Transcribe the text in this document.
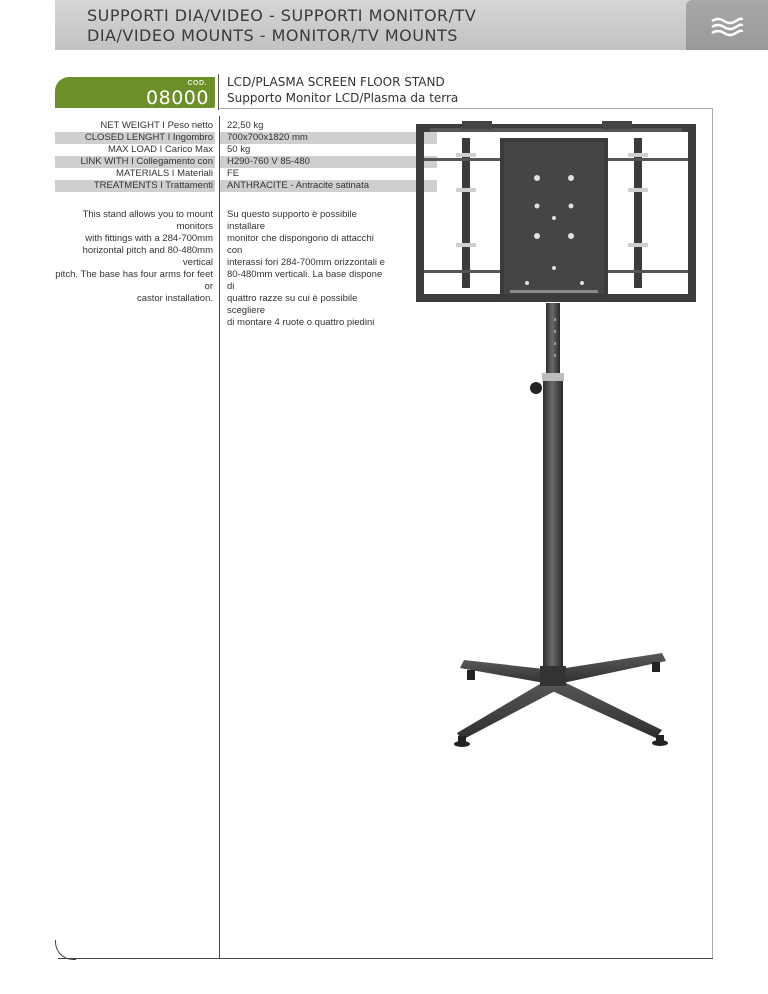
SUPPORTI DIA/VIDEO - SUPPORTI MONITOR/TV
DIA/VIDEO MOUNTS - MONITOR/TV MOUNTS
COD.
08000
LCD/PLASMA SCREEN FLOOR STAND
Supporto Monitor LCD/Plasma da terra
NET WEIGHT I Peso netto 22,50 kg
CLOSED LENGHT I Ingombro 700x700x1820 mm
MAX LOAD I Carico Max 50 kg
LINK WITH I Collegamento con H290-760 V 85-480
MATERIALS I Materiali FE
TREATMENTS I Trattamenti ANTHRACITE - Antracite satinata
This stand allows you to mount monitors
with fittings with a 284-700mm
horizontal pitch and 80-480mm vertical
pitch. The base has four arms for feet or
castor installation.
Su questo supporto è possibile installare
monitor che dispongono di attacchi con
interassi fori 284-700mm orizzontali e
80-480mm verticali. La base dispone di
quattro razze su cui è possibile scegliere
di montare 4 ruote o quattro piedini
